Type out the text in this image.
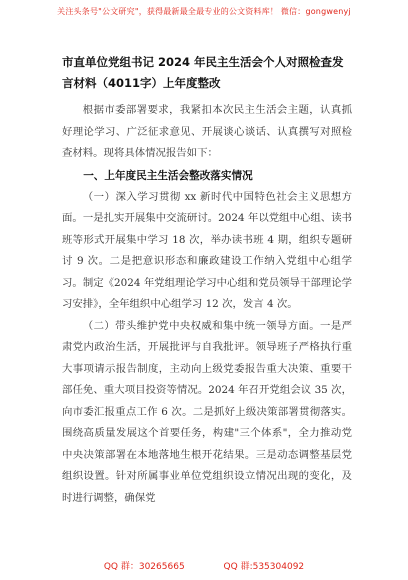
关注头条号"公文研究"，获得最新最全最专业的公文资料库！ 微信：gongwenyj

市直单位党组书记 2024 年民主生活会个人对照检查发言材料（4011字）上年度整改

根据市委部署要求，我紧扣本次民主生活会主题，认真抓好理论学习、广泛征求意见、开展谈心谈话、认真撰写对照检查材料。现将具体情况报告如下：

一、上年度民主生活会整改落实情况

（一）深入学习贯彻 xx 新时代中国特色社会主义思想方面。一是扎实开展集中交流研讨。2024 年以党组中心组、读书班等形式开展集中学习 18 次，举办读书班 4 期，组织专题研讨 9 次。二是把意识形态和廉政建设工作纳入党组中心组学习。制定《2024 年党组理论学习中心组和党员领导干部理论学习安排》，全年组织中心组学习 12 次，发言 4 次。

（二）带头维护党中央权威和集中统一领导方面。一是严肃党内政治生活，开展批评与自我批评。领导班子严格执行重大事项请示报告制度，主动向上级党委报告重大决策、重要干部任免、重大项目投资等情况。2024 年召开党组会议 35 次，向市委汇报重点工作 6 次。二是抓好上级决策部署贯彻落实。围绕高质量发展这个首要任务，构建"三个体系"，全力推动党中央决策部署在本地落地生根开花结果。三是动态调整基层党组织设置。针对所属事业单位党组织设立情况出现的变化，及时进行调整，确保党

QQ 群：30265665	QQ 群:535304092
